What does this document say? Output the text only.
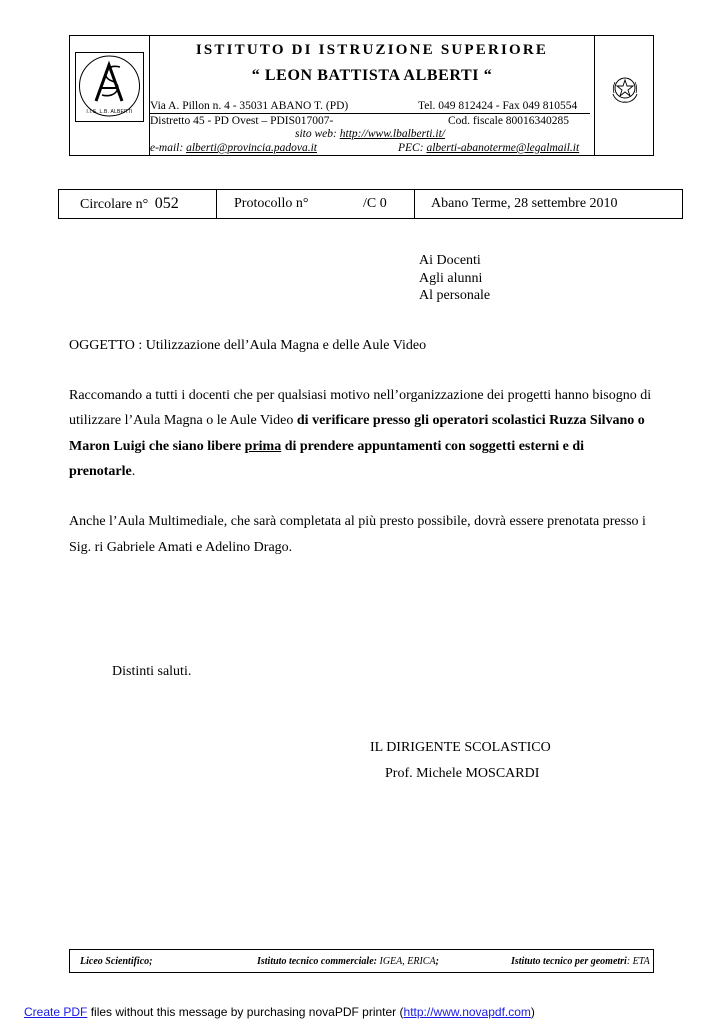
I.I.S. L.B. ALBERTI
ISTITUTO DI ISTRUZIONE SUPERIORE
“ LEON BATTISTA ALBERTI “
Via A. Pillon n. 4 - 35031 ABANO T. (PD)	Tel. 049 812424 - Fax 049 810554
Distretto 45 - PD Ovest – PDIS017007-	Cod. fiscale 80016340285
sito web: http://www.lbalberti.it/
e-mail: alberti@provincia.padova.it	PEC: alberti-abanoterme@legalmail.it
Circolare n° 052	Protocollo n°	/C 0	Abano Terme, 28 settembre 2010
Ai Docenti
Agli alunni
Al personale
OGGETTO : Utilizzazione dell’Aula Magna e delle Aule Video
Raccomando a tutti i docenti che per qualsiasi motivo nell’organizzazione dei progetti hanno bisogno di
utilizzare l’Aula Magna o le Aule Video di verificare presso gli operatori scolastici Ruzza Silvano o
Maron Luigi che siano libere prima di prendere appuntamenti con soggetti esterni e di
prenotarle.
Anche l’Aula Multimediale, che sarà completata al più presto possibile, dovrà essere prenotata presso i
Sig. ri Gabriele Amati e Adelino Drago.
Distinti saluti.
IL DIRIGENTE SCOLASTICO
Prof. Michele MOSCARDI
Liceo Scientifico;	Istituto tecnico commerciale: IGEA, ERICA;	Istituto tecnico per geometri: ETA
Create PDF files without this message by purchasing novaPDF printer (http://www.novapdf.com)
